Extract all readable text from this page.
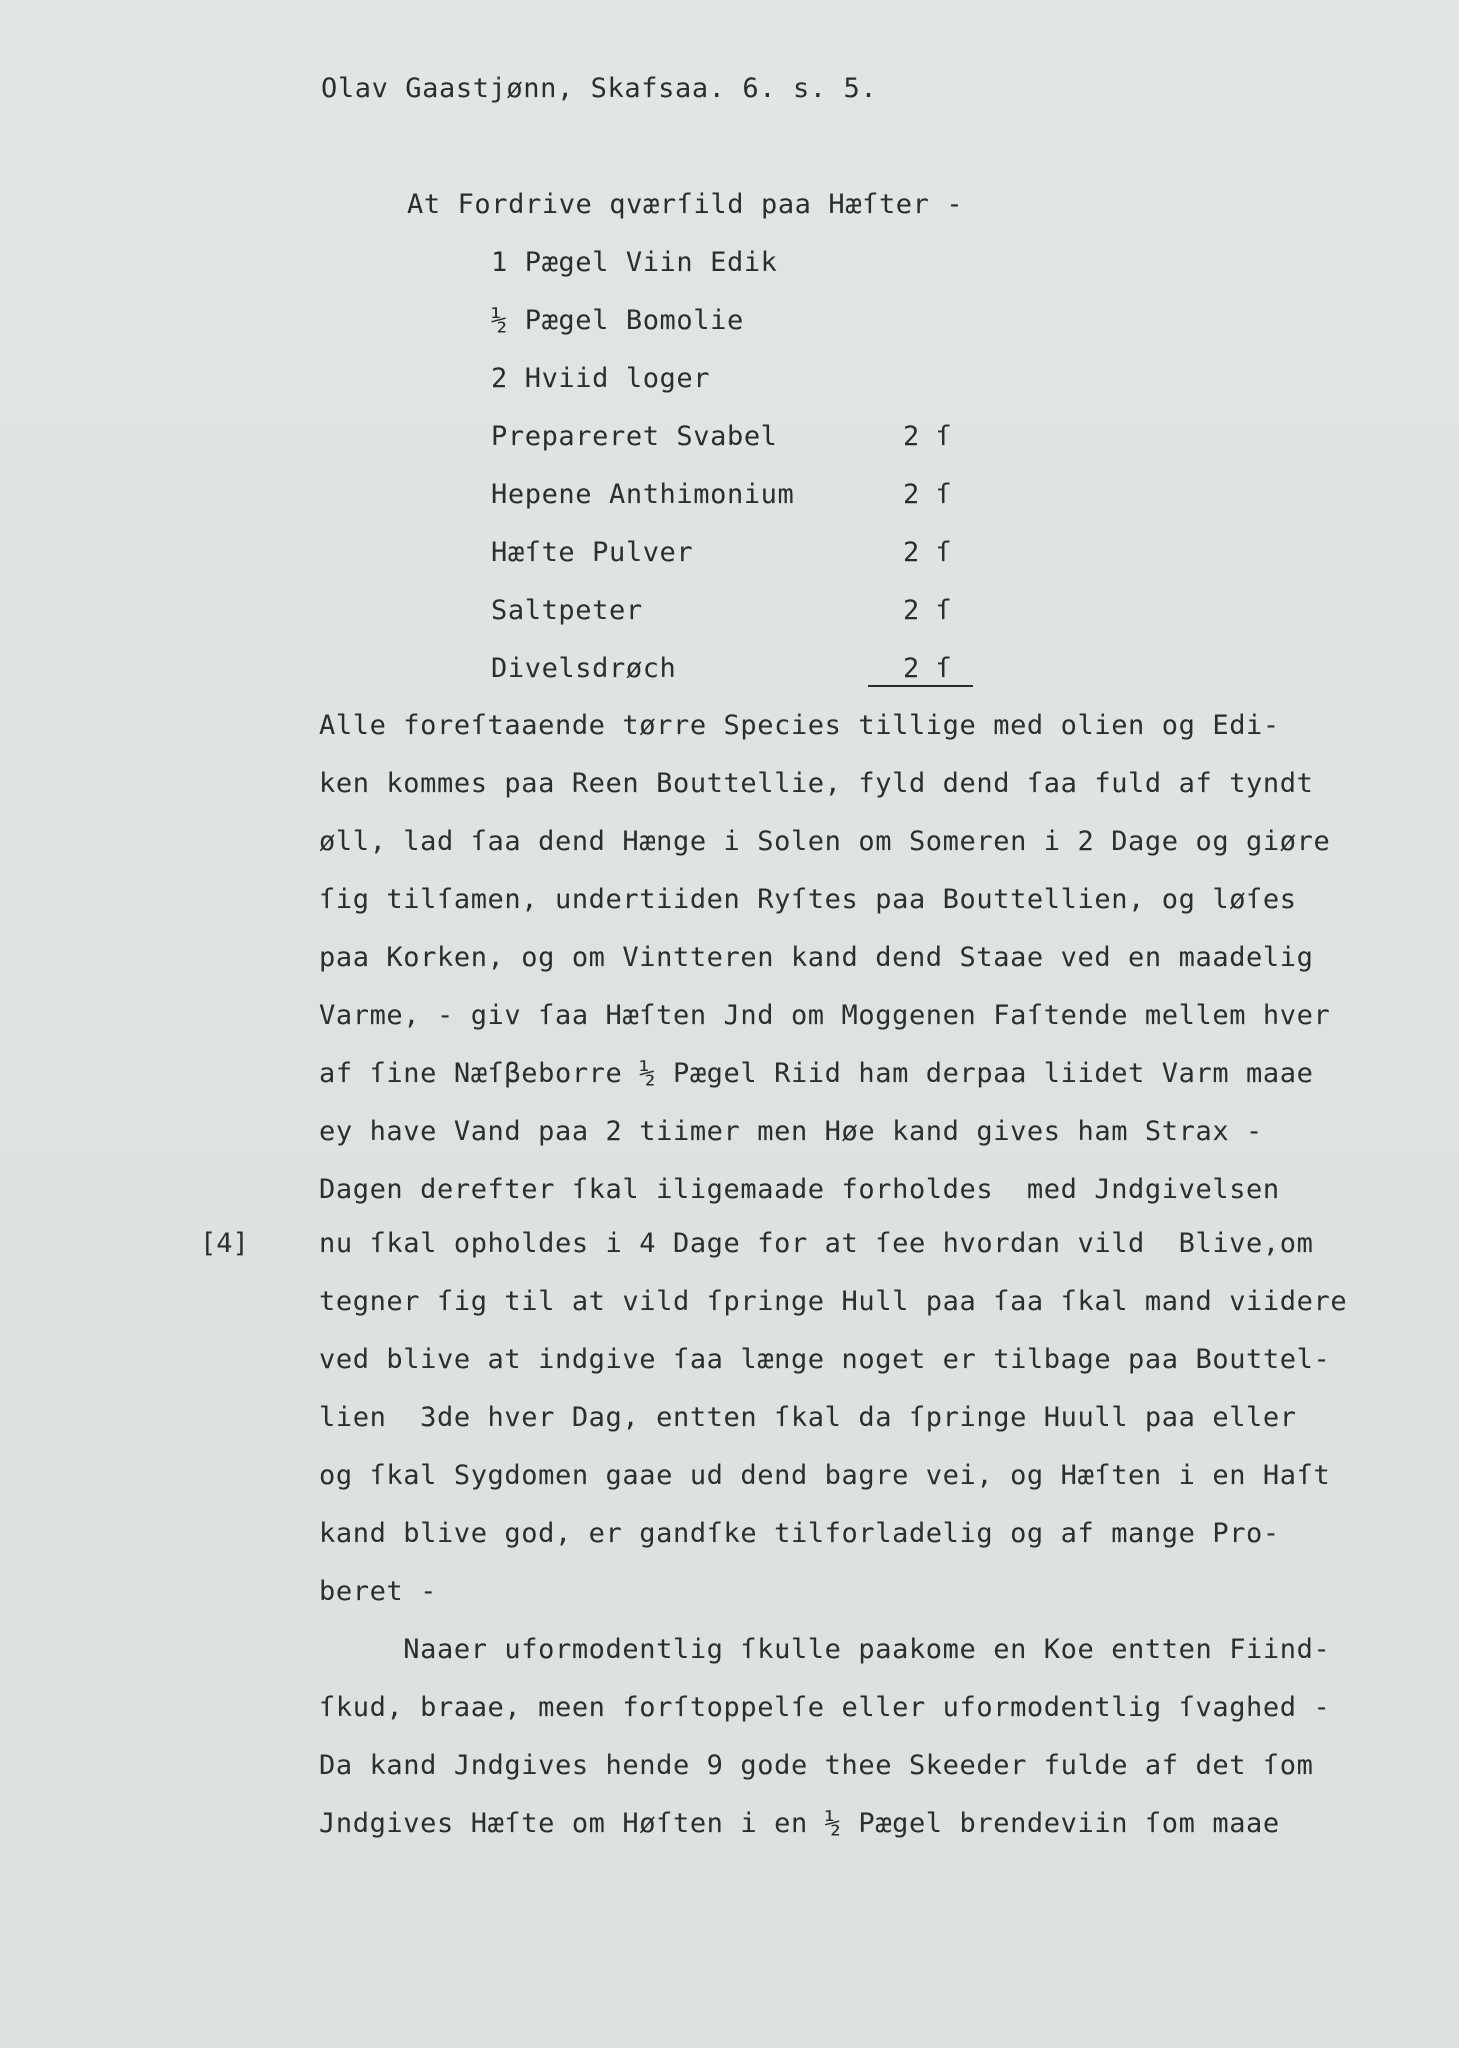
Olav Gaastjønn, Skafsaa. 6. s. 5.
At Fordrive qværſild paa Hæſter -
1 Pægel Viin Edik
½ Pægel Bomolie
2 Hviid loger
Prepareret Svabel	2 ſ
Hepene Anthimonium	2 ſ
Hæſte Pulver	2 ſ
Saltpeter	2 ſ
Divelsdrøch	2 ſ
[4]
Alle foreſtaaende tørre Species tillige med olien og Edi-
ken kommes paa Reen Bouttellie, fyld dend ſaa fuld af tyndt
øll, lad ſaa dend Hænge i Solen om Someren i 2 Dage og giøre
ſig tilſamen, undertiiden Ryſtes paa Bouttellien, og løſes
paa Korken, og om Vintteren kand dend Staae ved en maadelig
Varme, - giv ſaa Hæſten Jnd om Moggenen Faſtende mellem hver
af ſine Næſβeborre ½ Pægel Riid ham derpaa liidet Varm maae
ey have Vand paa 2 tiimer men Høe kand gives ham Strax -
Dagen derefter ſkal iligemaade forholdes  med Jndgivelsen
nu ſkal opholdes i 4 Dage for at ſee hvordan vild  Blive,om
tegner ſig til at vild ſpringe Hull paa ſaa ſkal mand viidere
ved blive at indgive ſaa længe noget er tilbage paa Bouttel-
lien  3de hver Dag, entten ſkal da ſpringe Huull paa eller
og ſkal Sygdomen gaae ud dend bagre vei, og Hæſten i en Haſt
kand blive god, er gandſke tilforladelig og af mange Pro-
beret -
Naaer uformodentlig ſkulle paakome en Koe entten Fiind-
ſkud, braae, meen forſtoppelſe eller uformodentlig ſvaghed -
Da kand Jndgives hende 9 gode thee Skeeder fulde af det ſom
Jndgives Hæſte om Høſten i en ½ Pægel brendeviin ſom maae
